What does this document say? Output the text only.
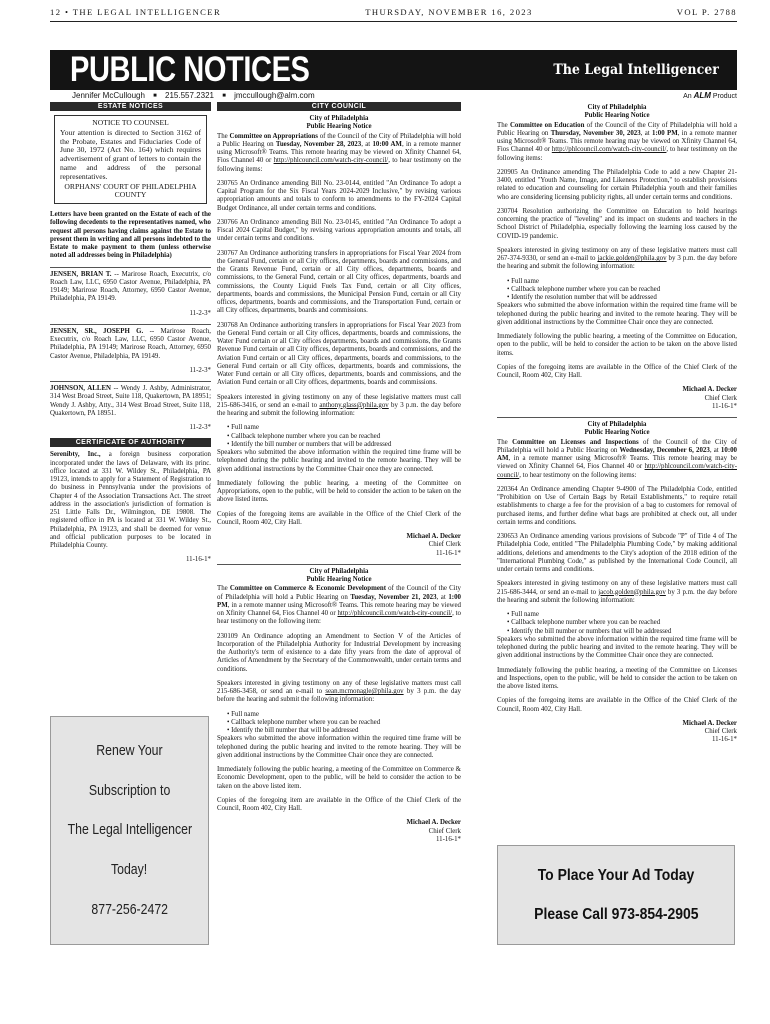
12 • THE LEGAL INTELLIGENCER	THURSDAY, NOVEMBER 16, 2023	VOL P. 2788
PUBLIC NOTICES	The Legal Intelligencer
Jennifer McCullough ■ 215.557.2321 ■ jmccullough@alm.com	An ALM Product
ESTATE NOTICES

NOTICE TO COUNSEL

Your attention is directed to Section 3162 of the Probate, Estates and Fiduciaries Code of June 30, 1972 (Act No. 164) which requires advertisement of grant of letters to contain the name and address of the personal representatives.

ORPHANS' COURT OF PHILADELPHIA COUNTY

Letters have been granted on the Estate of each of the following decedents to the representatives named, who request all persons having claims against the Estate to present them in writing and all persons indebted to the Estate to make payment to them (unless otherwise noted all addresses being in Philadelphia)

JENSEN, BRIAN T. -- Marirose Roach, Executrix, c/o Roach Law, LLC, 6950 Castor Avenue, Philadelphia, PA 19149; Marirose Roach, Attorney, 6950 Castor Avenue, Philadelphia, PA 19149.

11-2-3*

JENSEN, SR., JOSEPH G. -- Marirose Roach, Executrix, c/o Roach Law, LLC, 6950 Castor Avenue, Philadelphia, PA 19149; Marirose Roach, Attorney, 6950 Castor Avenue, Philadelphia, PA 19149.

11-2-3*

JOHNSON, ALLEN -- Wendy J. Ashby, Administrator, 314 West Broad Street, Suite 118, Quakertown, PA 18951; Wendy J. Ashby, Atty., 314 West Broad Street, Suite 118, Quakertown, PA 18951.

11-2-3*
CERTIFICATE OF AUTHORITY

Serenibty, Inc., a foreign business corporation incorporated under the laws of Delaware, with its princ. office located at 331 W. Wildey St., Philadelphia, PA 19123, intends to apply for a Statement of Registration to do business in Pennsylvania under the provisions of Chapter 4 of the Association Transactions Act. The street address in the association's jurisdiction of formation is 251 Little Falls Dr., Wilmington, DE 19808. The registered office in PA is located at 331 W. Wildey St., Philadelphia, PA 19123, and shall be deemed for venue and official publication purposes to be located in Philadelphia County.

11-16-1*
CITY COUNCIL
City of Philadelphia
Public Hearing Notice

The Committee on Appropriations of the Council of the City of Philadelphia will hold a Public Hearing on Tuesday, November 28, 2023, at 10:00 AM, in a remote manner using Microsoft® Teams. This remote hearing may be viewed on Xfinity Channel 64, Fios Channel 40 or http://phlcouncil.com/watch-city-council/, to hear testimony on the following items:

230765 An Ordinance amending Bill No. 23-0144, entitled "An Ordinance To adopt a Capital Program for the Six Fiscal Years 2024-2029 Inclusive," by revising various appropriation amounts and totals to conform to amendments to the FY-2024 Capital Budget Ordinance, all under certain terms and conditions.

230766 An Ordinance amending Bill No. 23-0145, entitled "An Ordinance To adopt a Fiscal 2024 Capital Budget," by revising various appropriation amounts and totals, all under certain terms and conditions.

230767 An Ordinance authorizing transfers in appropriations for Fiscal Year 2024 from the General Fund, certain or all City offices, departments, boards and commissions, and the Grants Revenue Fund, certain or all City offices, departments, boards and commissions, to the General Fund, certain or all City offices, departments, boards and commissions, the County Liquid Fuels Tax Fund, certain or all City offices, departments, boards and commissions, the Municipal Pension Fund, certain or all City offices, departments, boards and commissions, and the Transportation Fund, certain or all City offices, departments, boards and commissions.

230768 An Ordinance authorizing transfers in appropriations for Fiscal Year 2023 from the General Fund certain or all City offices, departments, boards and commissions, the Water Fund certain or all City offices departments, boards and commissions, the Grants Revenue Fund certain or all City offices, departments, boards and commissions, and the Aviation Fund certain or all City offices, departments, boards and commissions, to the General Fund certain or all City offices, departments, boards and commissions, the Water Fund certain or all City offices, departments, boards and commissions, and the Aviation Fund certain or all City offices, departments, boards and commissions.

Speakers interested in giving testimony on any of these legislative matters must call 215-686-3416, or send an e-mail to anthony.glass@phila.gov by 3 p.m. the day before the hearing and submit the following information:

• Full name
• Callback telephone number where you can be reached
• Identify the bill number or numbers that will be addressed

Speakers who submitted the above information within the required time frame will be telephoned during the public hearing and invited to the remote hearing. They will be given additional instructions by the Committee Chair once they are connected.

Immediately following the public hearing, a meeting of the Committee on Appropriations, open to the public, will be held to consider the action to be taken on the above listed items.

Copies of the foregoing items are available in the Office of the Chief Clerk of the Council, Room 402, City Hall.

Michael A. Decker
Chief Clerk
11-16-1*
City of Philadelphia
Public Hearing Notice

The Committee on Commerce & Economic Development of the Council of the City of Philadelphia will hold a Public Hearing on Tuesday, November 21, 2023, at 1:00 PM, in a remote manner using Microsoft® Teams. This remote hearing may be viewed on Xfinity Channel 64, Fios Channel 40 or http://phlcouncil.com/watch-city-council/, to hear testimony on the following item:

230109 An Ordinance adopting an Amendment to Section V of the Articles of Incorporation of the Philadelphia Authority for Industrial Development by increasing the Authority's term of existence to a date fifty years from the date of approval of Articles of Amendment by the Secretary of the Commonwealth, under certain terms and conditions.

Speakers interested in giving testimony on any of these legislative matters must call 215-686-3458, or send an e-mail to sean.mcmonagle@phila.gov by 3 p.m. the day before the hearing and submit the following information:

• Full name
• Callback telephone number where you can be reached
• Identify the bill number that will be addressed

Speakers who submitted the above information within the required time frame will be telephoned during the public hearing and invited to the remote hearing. They will be given additional instructions by the Committee Chair once they are connected.

Immediately following the public hearing, a meeting of the Committee on Commerce & Economic Development, open to the public, will be held to consider the action to be taken on the above listed item.

Copies of the foregoing item are available in the Office of the Chief Clerk of the Council, Room 402, City Hall.

Michael A. Decker
Chief Clerk
11-16-1*
City of Philadelphia
Public Hearing Notice

The Committee on Education of the Council of the City of Philadelphia will hold a Public Hearing on Thursday, November 30, 2023, at 1:00 PM, in a remote manner using Microsoft® Teams. This remote hearing may be viewed on Xfinity Channel 64, Fios Channel 40 or http://phlcouncil.com/watch-city-council/, to hear testimony on the following items:

220905 An Ordinance amending The Philadelphia Code to add a new Chapter 21-3400, entitled "Youth Name, Image, and Likeness Protection," to establish provisions related to education and counseling for certain Philadelphia youth and their families who are considering licensing publicity rights, all under certain terms and conditions.

230704 Resolution authorizing the Committee on Education to hold hearings concerning the practice of "leveling" and its impact on students and teachers in the School District of Philadelphia, especially following the learning loss caused by the COVID-19 pandemic.

Speakers interested in giving testimony on any of these legislative matters must call 267-374-9330, or send an e-mail to jackie.golden@phila.gov by 3 p.m. the day before the hearing and submit the following information:

• Full name
• Callback telephone number where you can be reached
• Identify the resolution number that will be addressed

Speakers who submitted the above information within the required time frame will be telephoned during the public hearing and invited to the remote hearing. They will be given additional instructions by the Committee Chair once they are connected.

Immediately following the public hearing, a meeting of the Committee on Education, open to the public, will be held to consider the action to be taken on the above listed items.

Copies of the foregoing items are available in the Office of the Chief Clerk of the Council, Room 402, City Hall.

Michael A. Decker
Chief Clerk
11-16-1*
City of Philadelphia
Public Hearing Notice

The Committee on Licenses and Inspections of the Council of the City of Philadelphia will hold a Public Hearing on Wednesday, December 6, 2023, at 10:00 AM, in a remote manner using Microsoft® Teams. This remote hearing may be viewed on Xfinity Channel 64, Fios Channel 40 or http://phlcouncil.com/watch-city-council/, to hear testimony on the following items:

220364 An Ordinance amending Chapter 9-4900 of The Philadelphia Code, entitled "Prohibition on Use of Certain Bags by Retail Establishments," to require retail establishments to charge a fee for the provision of a bag to customers for removal of purchased items, and further define what bags are prohibited at check out, all under certain terms and conditions.

230653 An Ordinance amending various provisions of Subcode "P" of Title 4 of The Philadelphia Code, entitled "The Philadelphia Plumbing Code," by making additional additions, deletions and amendments to the City's adoption of the 2018 edition of the "International Plumbing Code," as published by the International Code Council, all under certain terms and conditions.

Speakers interested in giving testimony on any of these legislative matters must call 215-686-3444, or send an e-mail to jacob.golden@phila.gov by 3 p.m. the day before the hearing and submit the following information:

• Full name
• Callback telephone number where you can be reached
• Identify the bill number or numbers that will be addressed

Speakers who submitted the above information within the required time frame will be telephoned during the public hearing and invited to the remote hearing. They will be given additional instructions by the Committee Chair once they are connected.

Immediately following the public hearing, a meeting of the Committee on Licenses and Inspections, open to the public, will be held to consider the action to be taken on the above listed items.

Copies of the foregoing items are available in the Office of the Chief Clerk of the Council, Room 402, City Hall.

Michael A. Decker
Chief Clerk
11-16-1*
Renew Your
Subscription to
The Legal Intelligencer
Today!
877-256-2472
To Place Your Ad Today
Please Call 973-854-2905
